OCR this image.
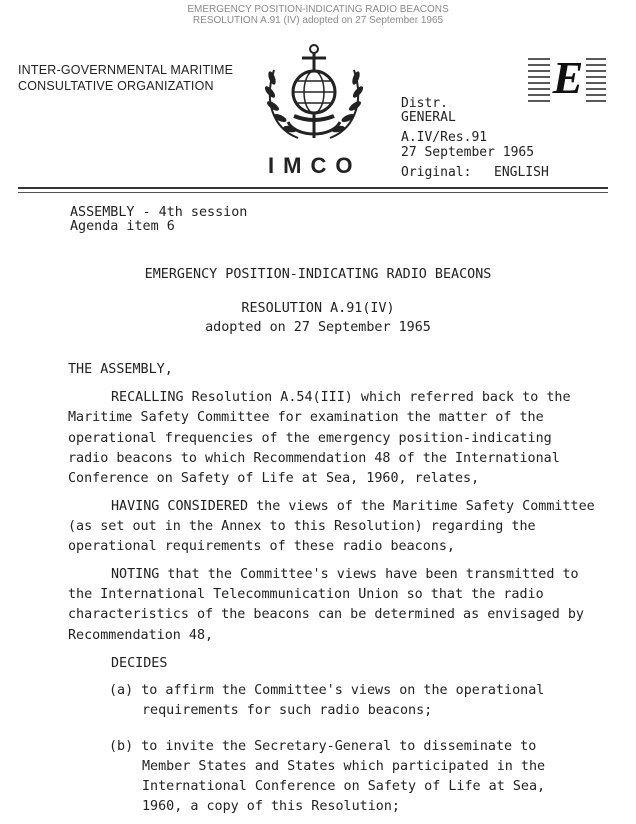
EMERGENCY POSITION-INDICATING RADIO BEACONS
RESOLUTION A.91 (IV) adopted on 27 September 1965
INTER-GOVERNMENTAL MARITIME
CONSULTATIVE ORGANIZATION
IMCO
E
Distr.
GENERAL
A.IV/Res.91
27 September 1965
Original: ENGLISH
ASSEMBLY - 4th session
Agenda item 6
EMERGENCY POSITION-INDICATING RADIO BEACONS
RESOLUTION A.91(IV)
adopted on 27 September 1965
THE ASSEMBLY,
RECALLING Resolution A.54(III) which referred back to the
Maritime Safety Committee for examination the matter of the
operational frequencies of the emergency position-indicating
radio beacons to which Recommendation 48 of the International
Conference on Safety of Life at Sea, 1960, relates,
HAVING CONSIDERED the views of the Maritime Safety Committee
(as set out in the Annex to this Resolution) regarding the
operational requirements of these radio beacons,
NOTING that the Committee's views have been transmitted to
the International Telecommunication Union so that the radio
characteristics of the beacons can be determined as envisaged by
Recommendation 48,
DECIDES
(a) to affirm the Committee's views on the operational
requirements for such radio beacons;
(b) to invite the Secretary-General to disseminate to
Member States and States which participated in the
International Conference on Safety of Life at Sea,
1960, a copy of this Resolution;
